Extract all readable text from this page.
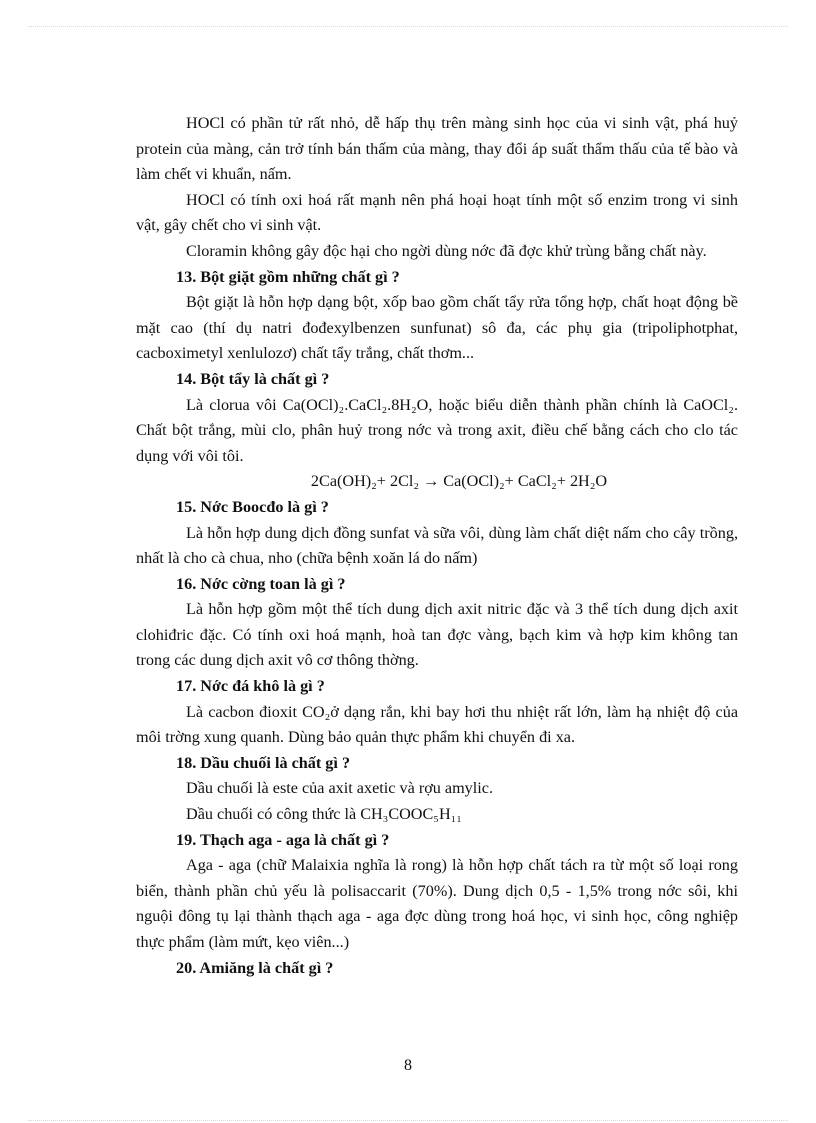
HOCl có phần tử rất nhỏ, dễ hấp thụ trên màng sinh học của vi sinh vật, phá huỷ protein của màng, cản trở tính bán thấm của màng, thay đổi áp suất thẩm thấu của tế bào và làm chết vi khuẩn, nấm.

HOCl có tính oxi hoá rất mạnh nên phá hoại hoạt tính một số enzim trong vi sinh vật, gây chết cho vi sinh vật.

Cloramin không gây độc hại cho ngời dùng nớc đã đợc khử trùng bằng chất này.

13. Bột giặt gồm những chất gì ?

Bột giặt là hỗn hợp dạng bột, xốp bao gồm chất tẩy rửa tổng hợp, chất hoạt động bề mặt cao (thí dụ natri đođexylbenzen sunfunat) sô đa, các phụ gia (tripoliphotphat, cacboximetyl xenlulozơ) chất tẩy trắng, chất thơm...

14. Bột tẩy là chất gì ?

Là clorua vôi Ca(OCl)₂.CaCl₂.8H₂O, hoặc biểu diễn thành phần chính là CaOCl₂. Chất bột trắng, mùi clo, phân huỷ trong nớc và trong axit, điều chế bằng cách cho clo tác dụng với vôi tôi.

2Ca(OH)₂+ 2Cl₂ → Ca(OCl)₂+ CaCl₂+ 2H₂O

15. Nớc Boocđo là gì ?

Là hỗn hợp dung dịch đồng sunfat và sữa vôi, dùng làm chất diệt nấm cho cây trồng, nhất là cho cà chua, nho (chữa bệnh xoăn lá do nấm)

16. Nớc cờng toan là gì ?

Là hỗn hợp gồm một thể tích dung dịch axit nitric đặc và 3 thể tích dung dịch axit clohiđric đặc. Có tính oxi hoá mạnh, hoà tan đợc vàng, bạch kim và hợp kim không tan trong các dung dịch axit vô cơ thông thờng.

17. Nớc đá khô là gì ?

Là cacbon đioxit CO₂ở dạng rắn, khi bay hơi thu nhiệt rất lớn, làm hạ nhiệt độ của môi trờng xung quanh. Dùng bảo quản thực phẩm khi chuyển đi xa.

18. Dầu chuối là chất gì ?

Dầu chuối là este của axit axetic và rợu amylic.

Dầu chuối có công thức là CH₃COOC₅H₁₁

19. Thạch aga - aga là chất gì ?

Aga - aga (chữ Malaixia nghĩa là rong) là hỗn hợp chất tách ra từ một số loại rong biển, thành phần chủ yếu là polisaccarit (70%). Dung dịch 0,5 - 1,5% trong nớc sôi, khi nguội đông tụ lại thành thạch aga - aga đợc dùng trong hoá học, vi sinh học, công nghiệp thực phẩm (làm mứt, kẹo viên...)

20. Amiăng là chất gì ?

8
